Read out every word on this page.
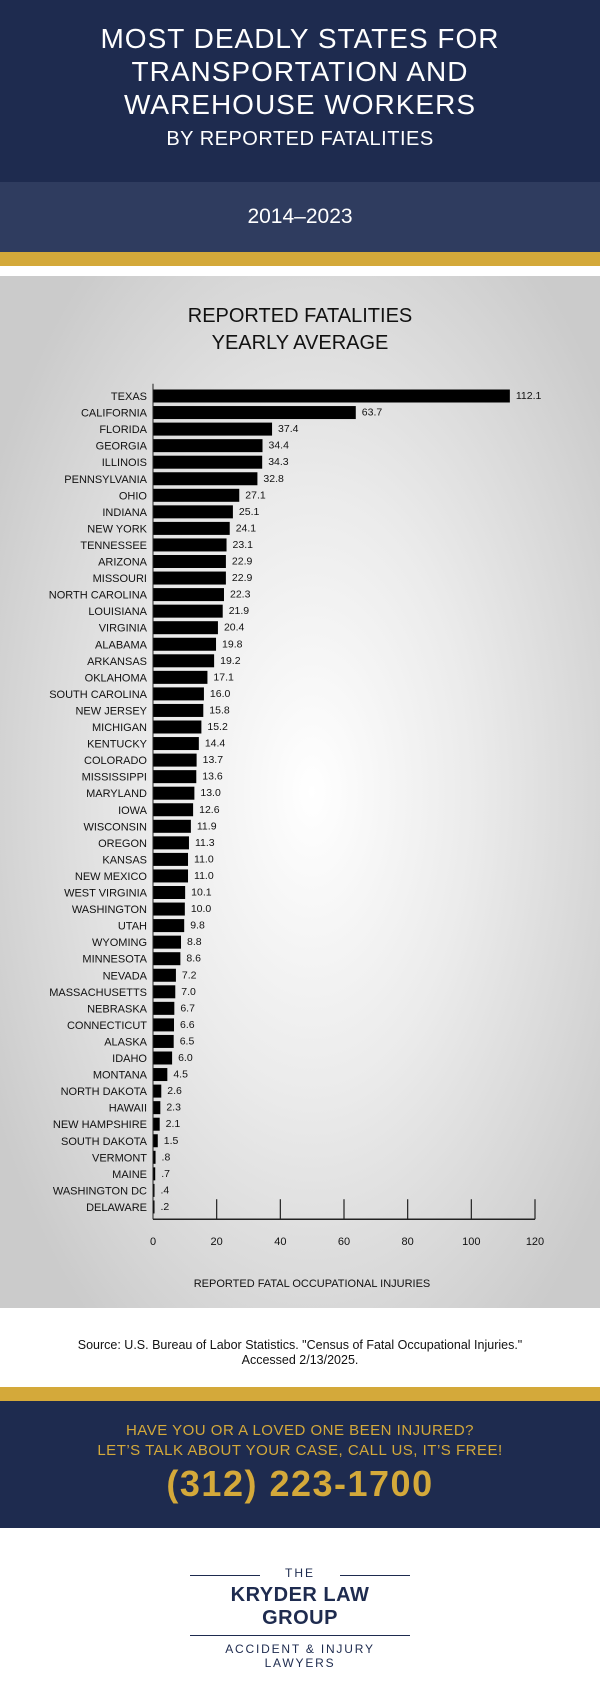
MOST DEADLY STATES FOR
TRANSPORTATION AND
WAREHOUSE WORKERS
BY REPORTED FATALITIES
2014–2023
REPORTED FATALITIES
YEARLY AVERAGE
TEXAS	112.1
CALIFORNIA	63.7
FLORIDA	37.4
GEORGIA	34.4
ILLINOIS	34.3
PENNSYLVANIA	32.8
OHIO	27.1
INDIANA	25.1
NEW YORK	24.1
TENNESSEE	23.1
ARIZONA	22.9
MISSOURI	22.9
NORTH CAROLINA	22.3
LOUISIANA	21.9
VIRGINIA	20.4
ALABAMA	19.8
ARKANSAS	19.2
OKLAHOMA	17.1
SOUTH CAROLINA	16.0
NEW JERSEY	15.8
MICHIGAN	15.2
KENTUCKY	14.4
COLORADO	13.7
MISSISSIPPI	13.6
MARYLAND	13.0
IOWA	12.6
WISCONSIN	11.9
OREGON	11.3
KANSAS	11.0
NEW MEXICO	11.0
WEST VIRGINIA	10.1
WASHINGTON	10.0
UTAH	9.8
WYOMING	8.8
MINNESOTA	8.6
NEVADA	7.2
MASSACHUSETTS	7.0
NEBRASKA	6.7
CONNECTICUT	6.6
ALASKA	6.5
IDAHO	6.0
MONTANA	4.5
NORTH DAKOTA 2.6
HAWAII 2.3
NEW HAMPSHIRE 2.1
SOUTH DAKOTA 1.5
VERMONT .8
MAINE .7
WASHINGTON DC .4
DELAWARE .2
0	20	40	60	80	100	120
REPORTED FATAL OCCUPATIONAL INJURIES
Source: U.S. Bureau of Labor Statistics. "Census of Fatal Occupational Injuries." Accessed 2/13/2025.
HAVE YOU OR A LOVED ONE BEEN INJURED?
LET’S TALK ABOUT YOUR CASE, CALL US, IT’S FREE!
(312) 223-1700
THE
KRYDER LAW GROUP
ACCIDENT & INJURY LAWYERS
